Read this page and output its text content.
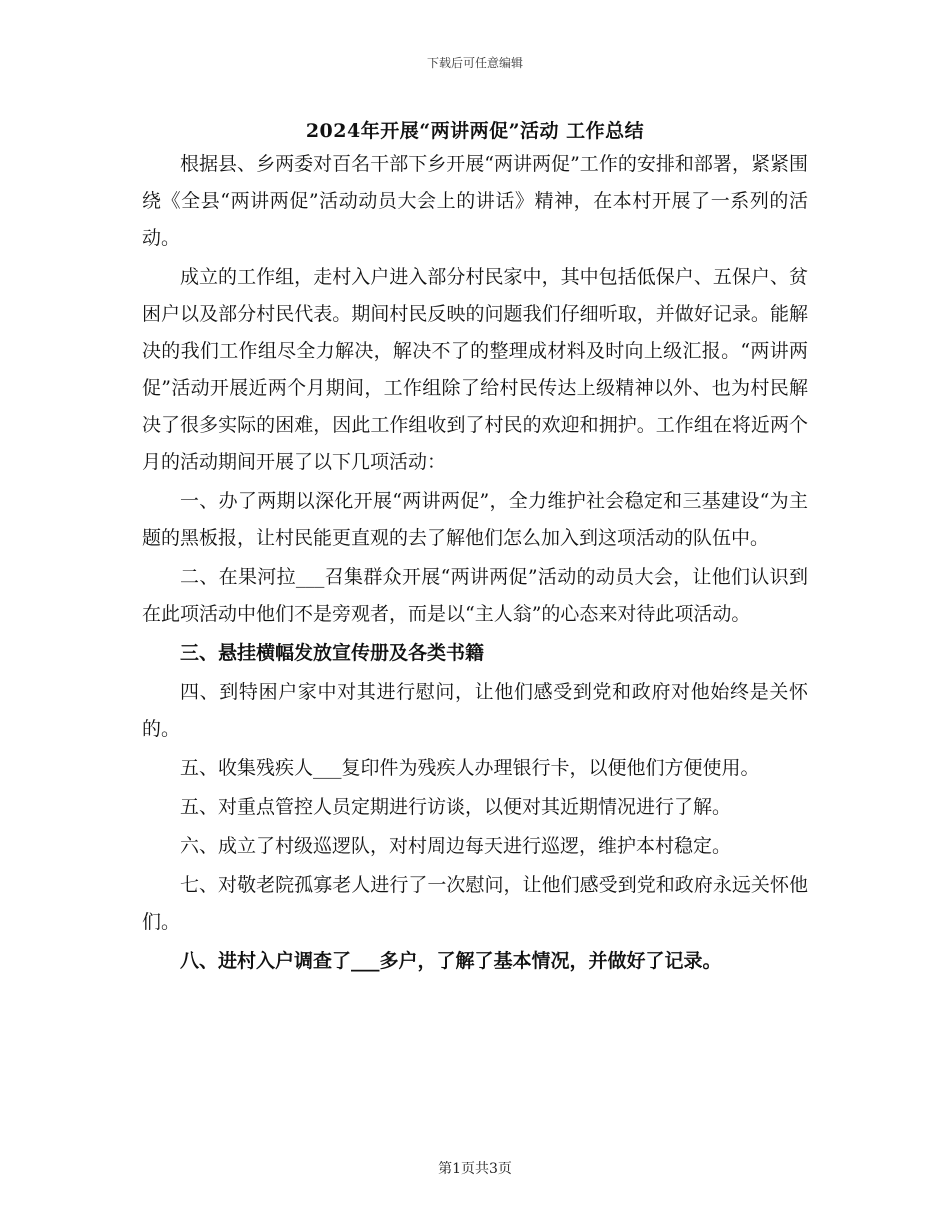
下载后可任意编辑
2024年开展“两讲两促”活动 工作总结

根据县、乡两委对百名干部下乡开展“两讲两促”工作的安排和部署，紧紧围绕《全县“两讲两促”活动动员大会上的讲话》精神，在本村开展了一系列的活动。

成立的工作组，走村入户进入部分村民家中，其中包括低保户、五保户、贫困户以及部分村民代表。期间村民反映的问题我们仔细听取，并做好记录。能解决的我们工作组尽全力解决，解决不了的整理成材料及时向上级汇报。“两讲两促”活动开展近两个月期间，工作组除了给村民传达上级精神以外、也为村民解决了很多实际的困难，因此工作组收到了村民的欢迎和拥护。工作组在将近两个月的活动期间开展了以下几项活动：

一、办了两期以深化开展“两讲两促”，全力维护社会稳定和三基建设“为主题的黑板报，让村民能更直观的去了解他们怎么加入到这项活动的队伍中。

二、在果河拉___召集群众开展“两讲两促”活动的动员大会，让他们认识到在此项活动中他们不是旁观者，而是以“主人翁”的心态来对待此项活动。

三、悬挂横幅发放宣传册及各类书籍

四、到特困户家中对其进行慰问，让他们感受到党和政府对他始终是关怀的。

五、收集残疾人___复印件为残疾人办理银行卡，以便他们方便使用。

五、对重点管控人员定期进行访谈，以便对其近期情况进行了解。

六、成立了村级巡逻队，对村周边每天进行巡逻，维护本村稳定。

七、对敬老院孤寡老人进行了一次慰问，让他们感受到党和政府永远关怀他们。

八、进村入户调查了___多户，了解了基本情况，并做好了记录。

第1页共3页
